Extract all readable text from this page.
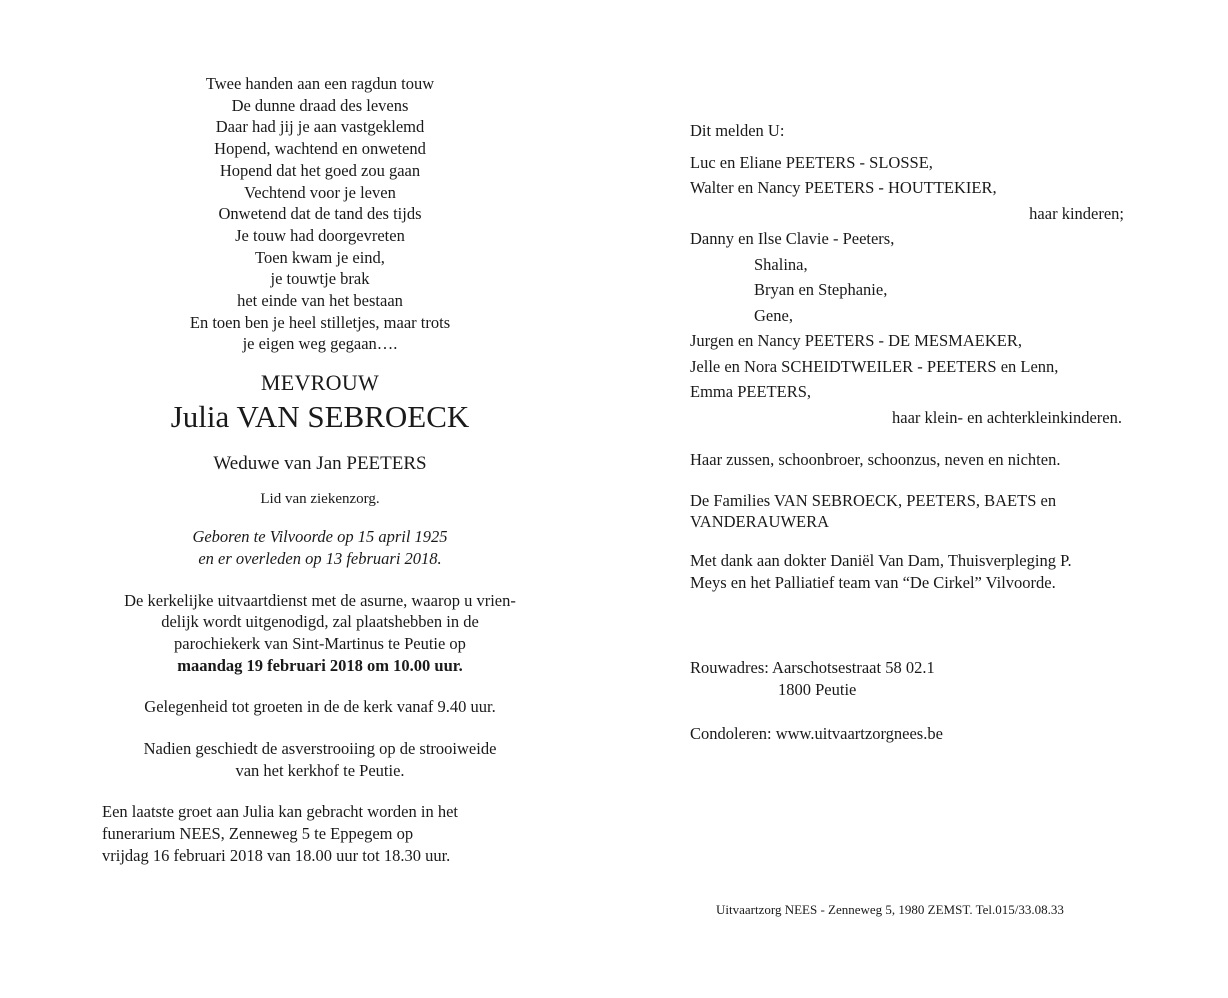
Twee handen aan een ragdun touw
De dunne draad des levens
Daar had jij je aan vastgeklemd
Hopend, wachtend en onwetend
Hopend dat het goed zou gaan
Vechtend voor je leven
Onwetend dat de tand des tijds
Je touw had doorgevreten
Toen kwam je eind,
je touwtje brak
het einde van het bestaan
En toen ben je heel stilletjes, maar trots
je eigen weg gegaan….
MEVROUW
Julia VAN SEBROECK
Weduwe van Jan PEETERS
Lid van ziekenzorg.
Geboren te Vilvoorde op 15 april 1925
en er overleden op 13 februari 2018.
De kerkelijke uitvaartdienst met de asurne, waarop u vrien-
delijk wordt uitgenodigd, zal plaatshebben in de
parochiekerk van Sint-Martinus te Peutie op
maandag 19 februari 2018 om 10.00 uur.
Gelegenheid tot groeten in de de kerk vanaf 9.40 uur.
Nadien geschiedt de asverstrooiing op de strooiweide
van het kerkhof te Peutie.
Een laatste groet aan Julia kan gebracht worden in het
funerarium NEES, Zenneweg 5 te Eppegem op
vrijdag 16 februari 2018 van 18.00 uur tot 18.30 uur.
Dit melden U:
Luc en Eliane PEETERS - SLOSSE,
Walter en Nancy PEETERS - HOUTTEKIER,
haar kinderen;
Danny en Ilse Clavie - Peeters,
Shalina,
Bryan en Stephanie,
Gene,
Jurgen en Nancy PEETERS - DE MESMAEKER,
Jelle en Nora SCHEIDTWEILER - PEETERS en Lenn,
Emma PEETERS,
haar klein- en achterkleinkinderen.
Haar zussen, schoonbroer, schoonzus, neven en nichten.
De Families VAN SEBROECK, PEETERS, BAETS en
VANDERAUWERA
Met dank aan dokter Daniël Van Dam, Thuisverpleging P.
Meys en het Palliatief team van “De Cirkel” Vilvoorde.
Rouwadres: Aarschotsestraat 58 02.1
1800 Peutie
Condoleren: www.uitvaartzorgnees.be
Uitvaartzorg NEES - Zenneweg 5, 1980 ZEMST. Tel.015/33.08.33
